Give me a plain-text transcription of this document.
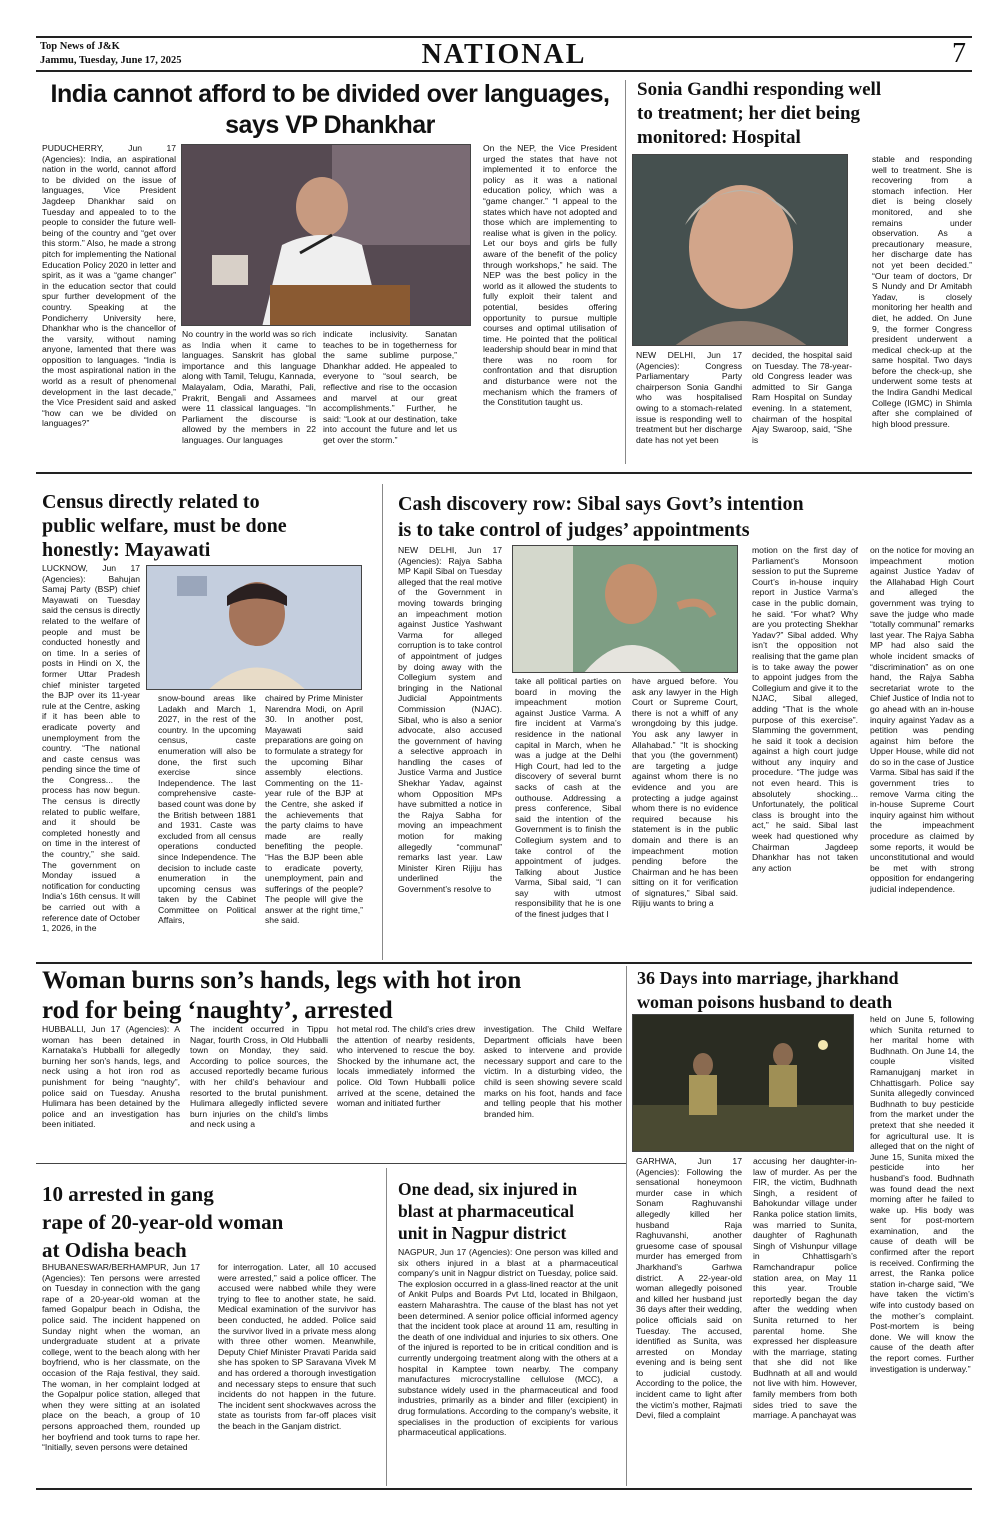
Top News of J&K
Jammu, Tuesday, June 17, 2025	NATIONAL	7
India cannot afford to be divided over languages,
says VP Dhankhar

PUDUCHERRY, Jun 17 (Agencies): India, an aspirational nation in the world, cannot afford to be divided on the issue of languages, Vice President Jagdeep Dhankhar said on Tuesday and appealed to to the people to consider the future well-being of the country and “get over this storm.” Also, he made a strong pitch for implementing the National Education Policy 2020 in letter and spirit, as it was a “game changer” in the education sector that could spur further development of the country. Speaking at the Pondicherry University here, Dhankhar who is the chancellor of the varsity, without naming anyone, lamented that there was opposition to languages. “India is the most aspirational nation in the world as a result of phenomenal development in the last decade,” the Vice President said and asked “how can we be divided on languages?”

No country in the world was so rich as India when it came to languages. Sanskrit has global importance and this language along with Tamil, Telugu, Kannada, Malayalam, Odia, Marathi, Pali, Prakrit, Bengali and Assamees were 11 classical languages. “In Parliament the discourse is allowed by the members in 22 languages. Our languages

indicate inclusivity. Sanatan teaches to be in togetherness for the same sublime purpose,” Dhankhar added. He appealed to everyone to “soul search, be reflective and rise to the occasion and marvel at our great accomplishments.” Further, he said: “Look at our destination, take into account the future and let us get over the storm.”

On the NEP, the Vice President urged the states that have not implemented it to enforce the policy as it was a national education policy, which was a “game changer.” “I appeal to the states which have not adopted and those which are implementing to realise what is given in the policy. Let our boys and girls be fully aware of the benefit of the policy through workshops,” he said. The NEP was the best policy in the world as it allowed the students to fully exploit their talent and potential, besides offering opportunity to pursue multiple courses and optimal utilisation of time. He pointed that the political leadership should bear in mind that there was no room for confrontation and that disruption and disturbance were not the mechanism which the framers of the Constitution taught us.

Sonia Gandhi responding well
to treatment; her diet being
monitored: Hospital

NEW DELHI, Jun 17 (Agencies): Congress Parliamentary Party chairperson Sonia Gandhi who was hospitalised owing to a stomach-related issue is responding well to treatment but her discharge date has not yet been

decided, the hospital said on Tuesday. The 78-year-old Congress leader was admitted to Sir Ganga Ram Hospital on Sunday evening. In a statement, chairman of the hospital Ajay Swaroop, said, “She is

stable and responding well to treatment. She is recovering from a stomach infection. Her diet is being closely monitored, and she remains under observation. As a precautionary measure, her discharge date has not yet been decided.” “Our team of doctors, Dr S Nundy and Dr Amitabh Yadav, is closely monitoring her health and diet, he added. On June 9, the former Congress president underwent a medical check-up at the same hospital. Two days before the check-up, she underwent some tests at the Indira Gandhi Medical College (IGMC) in Shimla after she complained of high blood pressure.

Census directly related to
public welfare, must be done
honestly: Mayawati

LUCKNOW, Jun 17 (Agencies): Bahujan Samaj Party (BSP) chief Mayawati on Tuesday said the census is directly related to the welfare of people and must be conducted honestly and on time. In a series of posts in Hindi on X, the former Uttar Pradesh chief minister targeted the BJP over its 11-year rule at the Centre, asking if it has been able to eradicate poverty and unemployment from the country. “The national and caste census was pending since the time of the Congress... the process has now begun. The census is directly related to public welfare, and it should be completed honestly and on time in the interest of the country,” she said. The government on Monday issued a notification for conducting India’s 16th census. It will be carried out with a reference date of October 1, 2026, in the

snow-bound areas like Ladakh and March 1, 2027, in the rest of the country. In the upcoming census, caste enumeration will also be done, the first such exercise since Independence. The last comprehensive caste-based count was done by the British between 1881 and 1931. Caste was excluded from all census operations conducted since Independence. The decision to include caste enumeration in the upcoming census was taken by the Cabinet Committee on Political Affairs,

chaired by Prime Minister Narendra Modi, on April 30. In another post, Mayawati said preparations are going on to formulate a strategy for the upcoming Bihar assembly elections. Commenting on the 11-year rule of the BJP at the Centre, she asked if the achievements that the party claims to have made are really benefiting the people. “Has the BJP been able to eradicate poverty, unemployment, pain and sufferings of the people? The people will give the answer at the right time,” she said.

Cash discovery row: Sibal says Govt’s intention
is to take control of judges’ appointments

NEW DELHI, Jun 17 (Agencies): Rajya Sabha MP Kapil Sibal on Tuesday alleged that the real motive of the Government in moving towards bringing an impeachment motion against Justice Yashwant Varma for alleged corruption is to take control of appointment of judges by doing away with the Collegium system and bringing in the National Judicial Appointments Commission (NJAC). Sibal, who is also a senior advocate, also accused the government of having a selective approach in handling the cases of Justice Varma and Justice Shekhar Yadav, against whom Opposition MPs have submitted a notice in the Rajya Sabha for moving an impeachment motion for making allegedly “communal” remarks last year. Law Minister Kiren Rijiju has underlined the Government’s resolve to

take all political parties on board in moving the impeachment motion against Justice Varma. A fire incident at Varma’s residence in the national capital in March, when he was a judge at the Delhi High Court, had led to the discovery of several burnt sacks of cash at the outhouse. Addressing a press conference, Sibal said the intention of the Government is to finish the Collegium system and to take control of the appointment of judges. Talking about Justice Varma, Sibal said, “I can say with utmost responsibility that he is one of the finest judges that I

have argued before. You ask any lawyer in the High Court or Supreme Court, there is not a whiff of any wrongdoing by this judge. You ask any lawyer in Allahabad.” “It is shocking that you (the government) are targeting a judge against whom there is no evidence and you are protecting a judge against whom there is no evidence required because his statement is in the public domain and there is an impeachment motion pending before the Chairman and he has been sitting on it for verification of signatures,” Sibal said. Rijiju wants to bring a

motion on the first day of Parliament’s Monsoon session to put the Supreme Court’s in-house inquiry report in Justice Varma’s case in the public domain, he said. “For what? Why are you protecting Shekhar Yadav?” Sibal added. Why isn’t the opposition not realising that the game plan is to take away the power to appoint judges from the Collegium and give it to the NJAC, Sibal alleged, adding “That is the whole purpose of this exercise”. Slamming the government, he said it took a decision against a high court judge without any inquiry and procedure. “The judge was not even heard. This is absolutely shocking... Unfortunately, the political class is brought into the act,” he said. Sibal last week had questioned why Chairman Jagdeep Dhankhar has not taken any action

on the notice for moving an impeachment motion against Justice Yadav of the Allahabad High Court and alleged the government was trying to save the judge who made “totally communal” remarks last year. The Rajya Sabha MP had also said the whole incident smacks of “discrimination” as on one hand, the Rajya Sabha secretariat wrote to the Chief Justice of India not to go ahead with an in-house inquiry against Yadav as a petition was pending against him before the Upper House, while did not do so in the case of Justice Varma. Sibal has said if the government tries to remove Varma citing the in-house Supreme Court inquiry against him without the impeachment procedure as claimed by some reports, it would be unconstitutional and would be met with strong opposition for endangering judicial independence.

Woman burns son’s hands, legs with hot iron
rod for being ‘naughty’, arrested

HUBBALLI, Jun 17 (Agencies): A woman has been detained in Karnataka’s Hubballi for allegedly burning her son’s hands, legs, and neck using a hot iron rod as punishment for being “naughty”, police said on Tuesday. Anusha Hulimara has been detained by the police and an investigation has been initiated.

The incident occurred in Tippu Nagar, fourth Cross, in Old Hubballi town on Monday, they said. According to police sources, the accused reportedly became furious with her child’s behaviour and resorted to the brutal punishment. Hulimara allegedly inflicted severe burn injuries on the child’s limbs and neck using a

hot metal rod. The child’s cries drew the attention of nearby residents, who intervened to rescue the boy. Shocked by the inhumane act, the locals immediately informed the police. Old Town Hubballi police arrived at the scene, detained the woman and initiated further

investigation. The Child Welfare Department officials have been asked to intervene and provide necessary support and care to the victim. In a disturbing video, the child is seen showing severe scald marks on his foot, hands and face and telling people that his mother branded him.

36 Days into marriage, jharkhand
woman poisons husband to death

GARHWA, Jun 17 (Agencies): Following the sensational honeymoon murder case in which Sonam Raghuvanshi allegedly killed her husband Raja Raghuvanshi, another gruesome case of spousal murder has emerged from Jharkhand’s Garhwa district. A 22-year-old woman allegedly poisoned and killed her husband just 36 days after their wedding, police officials said on Tuesday. The accused, identified as Sunita, was arrested on Monday evening and is being sent to judicial custody. According to the police, the incident came to light after the victim’s mother, Rajmati Devi, filed a complaint

accusing her daughter-in-law of murder. As per the FIR, the victim, Budhnath Singh, a resident of Bahokundar village under Ranka police station limits, was married to Sunita, daughter of Raghunath Singh of Vishunpur village in Chhattisgarh’s Ramchandrapur police station area, on May 11 this year. Trouble reportedly began the day after the wedding when Sunita returned to her parental home. She expressed her displeasure with the marriage, stating that she did not like Budhnath at all and would not live with him. However, family members from both sides tried to save the marriage. A panchayat was

held on June 5, following which Sunita returned to her marital home with Budhnath. On June 14, the couple visited Ramanujganj market in Chhattisgarh. Police say Sunita allegedly convinced Budhnath to buy pesticide from the market under the pretext that she needed it for agricultural use. It is alleged that on the night of June 15, Sunita mixed the pesticide into her husband’s food. Budhnath was found dead the next morning after he failed to wake up. His body was sent for post-mortem examination, and the cause of death will be confirmed after the report is received. Confirming the arrest, the Ranka police station in-charge said, “We have taken the victim’s wife into custody based on the mother’s complaint. Post-mortem is being done. We will know the cause of the death after the report comes. Further investigation is underway.”

10 arrested in gang
rape of 20-year-old woman
at Odisha beach

BHUBANESWAR/BERHAMPUR, Jun 17 (Agencies): Ten persons were arrested on Tuesday in connection with the gang rape of a 20-year-old woman at the famed Gopalpur beach in Odisha, the police said. The incident happened on Sunday night when the woman, an undergraduate student at a private college, went to the beach along with her boyfriend, who is her classmate, on the occasion of the Raja festival, they said. The woman, in her complaint lodged at the Gopalpur police station, alleged that when they were sitting at an isolated place on the beach, a group of 10 persons approached them, rounded up her boyfriend and took turns to rape her. “Initially, seven persons were detained

for interrogation. Later, all 10 accused were arrested,” said a police officer. The accused were nabbed while they were trying to flee to another state, he said. Medical examination of the survivor has been conducted, he added. Police said the survivor lived in a private mess along with three other women. Meanwhile, Deputy Chief Minister Pravati Parida said she has spoken to SP Saravana Vivek M and has ordered a thorough investigation and necessary steps to ensure that such incidents do not happen in the future. The incident sent shockwaves across the state as tourists from far-off places visit the beach in the Ganjam district.

One dead, six injured in
blast at pharmaceutical
unit in Nagpur district

NAGPUR, Jun 17 (Agencies): One person was killed and six others injured in a blast at a pharmaceutical company’s unit in Nagpur district on Tuesday, police said. The explosion occurred in a glass-lined reactor at the unit of Ankit Pulps and Boards Pvt Ltd, located in Bhilgaon, eastern Maharashtra. The cause of the blast has not yet been determined. A senior police official informed agency that the incident took place at around 11 am, resulting in the death of one individual and injuries to six others. One of the injured is reported to be in critical condition and is currently undergoing treatment along with the others at a hospital in Kamptee town nearby. The company manufactures microcrystalline cellulose (MCC), a substance widely used in the pharmaceutical and food industries, primarily as a binder and filler (excipient) in drug formulations. According to the company’s website, it specialises in the production of excipients for various pharmaceutical applications.
